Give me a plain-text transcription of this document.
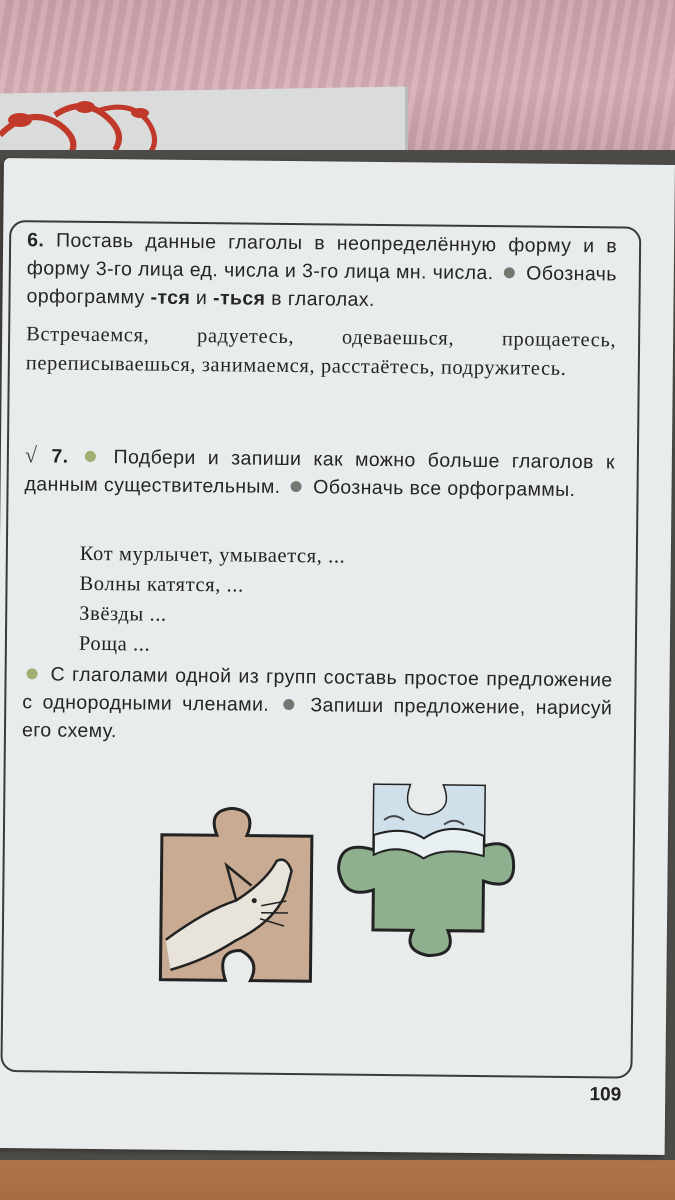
6. Поставь данные глаголы в неопределённую форму и в форму 3-го лица ед. числа и 3-го лица мн. числа. Обозначь орфограмму -тся и -ться в глаголах.

Встречаемся, радуетесь, одеваешься, прощаетесь, переписываешься, занимаемся, расстаётесь, подружитесь.

√ 7. Подбери и запиши как можно больше глаголов к данным существительным. Обозначь все орфограммы.

Кот мурлычет, умывается, ...
Волны катятся, ...
Звёзды ...
Роща ...

С глаголами одной из групп составь простое предложение с однородными членами. Запиши предложение, нарисуй его схему.

109
